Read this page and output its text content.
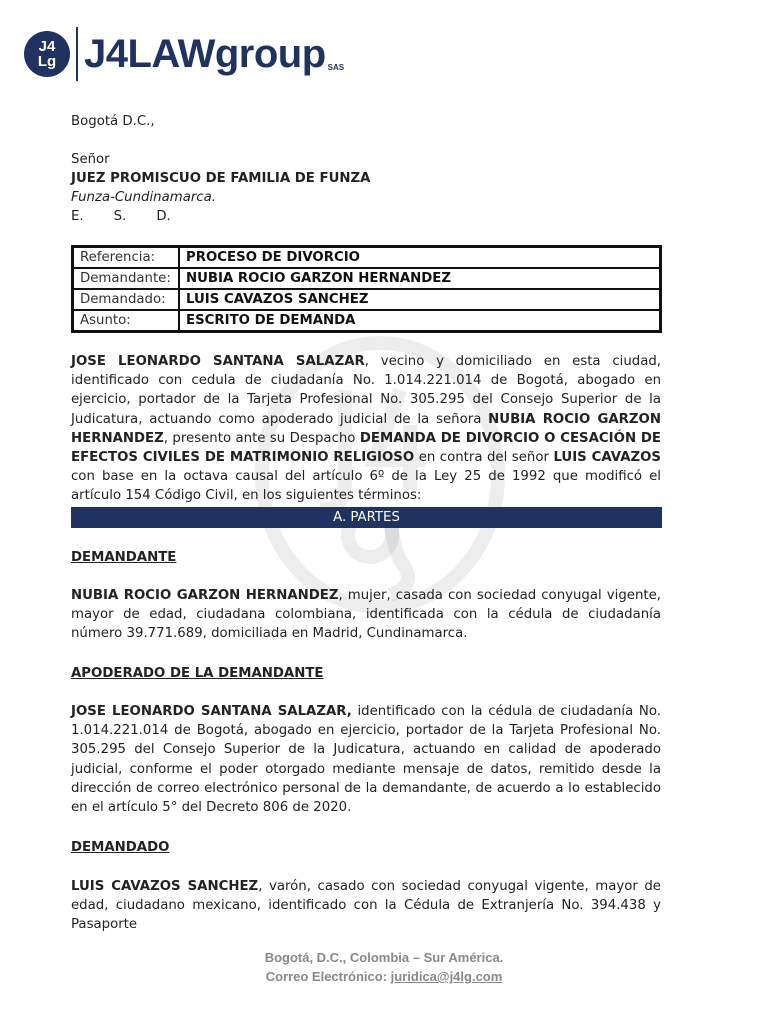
J4
Lg J4LAWgroup SAS
Bogotá D.C.,
Señor
JUEZ PROMISCUO DE FAMILIA DE FUNZA
Funza-Cundinamarca.
E. S. D.
Referencia:	PROCESO DE DIVORCIO
Demandante:	NUBIA ROCIO GARZON HERNANDEZ
Demandado:	LUIS CAVAZOS SANCHEZ
Asunto:	ESCRITO DE DEMANDA
JOSE LEONARDO SANTANA SALAZAR, vecino y domiciliado en esta ciudad, identificado con cedula de ciudadanía No. 1.014.221.014 de Bogotá, abogado en ejercicio, portador de la Tarjeta Profesional No. 305.295 del Consejo Superior de la Judicatura, actuando como apoderado judicial de la señora NUBIA ROCIO GARZON HERNANDEZ, presento ante su Despacho DEMANDA DE DIVORCIO O CESACIÓN DE EFECTOS CIVILES DE MATRIMONIO RELIGIOSO en contra del señor LUIS CAVAZOS con base en la octava causal del artículo 6º de la Ley 25 de 1992 que modificó el artículo 154 Código Civil, en los siguientes términos:
A. PARTES
DEMANDANTE
NUBIA ROCIO GARZON HERNANDEZ, mujer, casada con sociedad conyugal vigente, mayor de edad, ciudadana colombiana, identificada con la cédula de ciudadanía número 39.771.689, domiciliada en Madrid, Cundinamarca.
APODERADO DE LA DEMANDANTE
JOSE LEONARDO SANTANA SALAZAR, identificado con la cédula de ciudadanía No. 1.014.221.014 de Bogotá, abogado en ejercicio, portador de la Tarjeta Profesional No. 305.295 del Consejo Superior de la Judicatura, actuando en calidad de apoderado judicial, conforme el poder otorgado mediante mensaje de datos, remitido desde la dirección de correo electrónico personal de la demandante, de acuerdo a lo establecido en el artículo 5° del Decreto 806 de 2020.
DEMANDADO
LUIS CAVAZOS SANCHEZ, varón, casado con sociedad conyugal vigente, mayor de edad, ciudadano mexicano, identificado con la Cédula de Extranjería No. 394.438 y Pasaporte
Bogotá, D.C., Colombia – Sur América.
Correo Electrónico: juridica@j4lg.com
